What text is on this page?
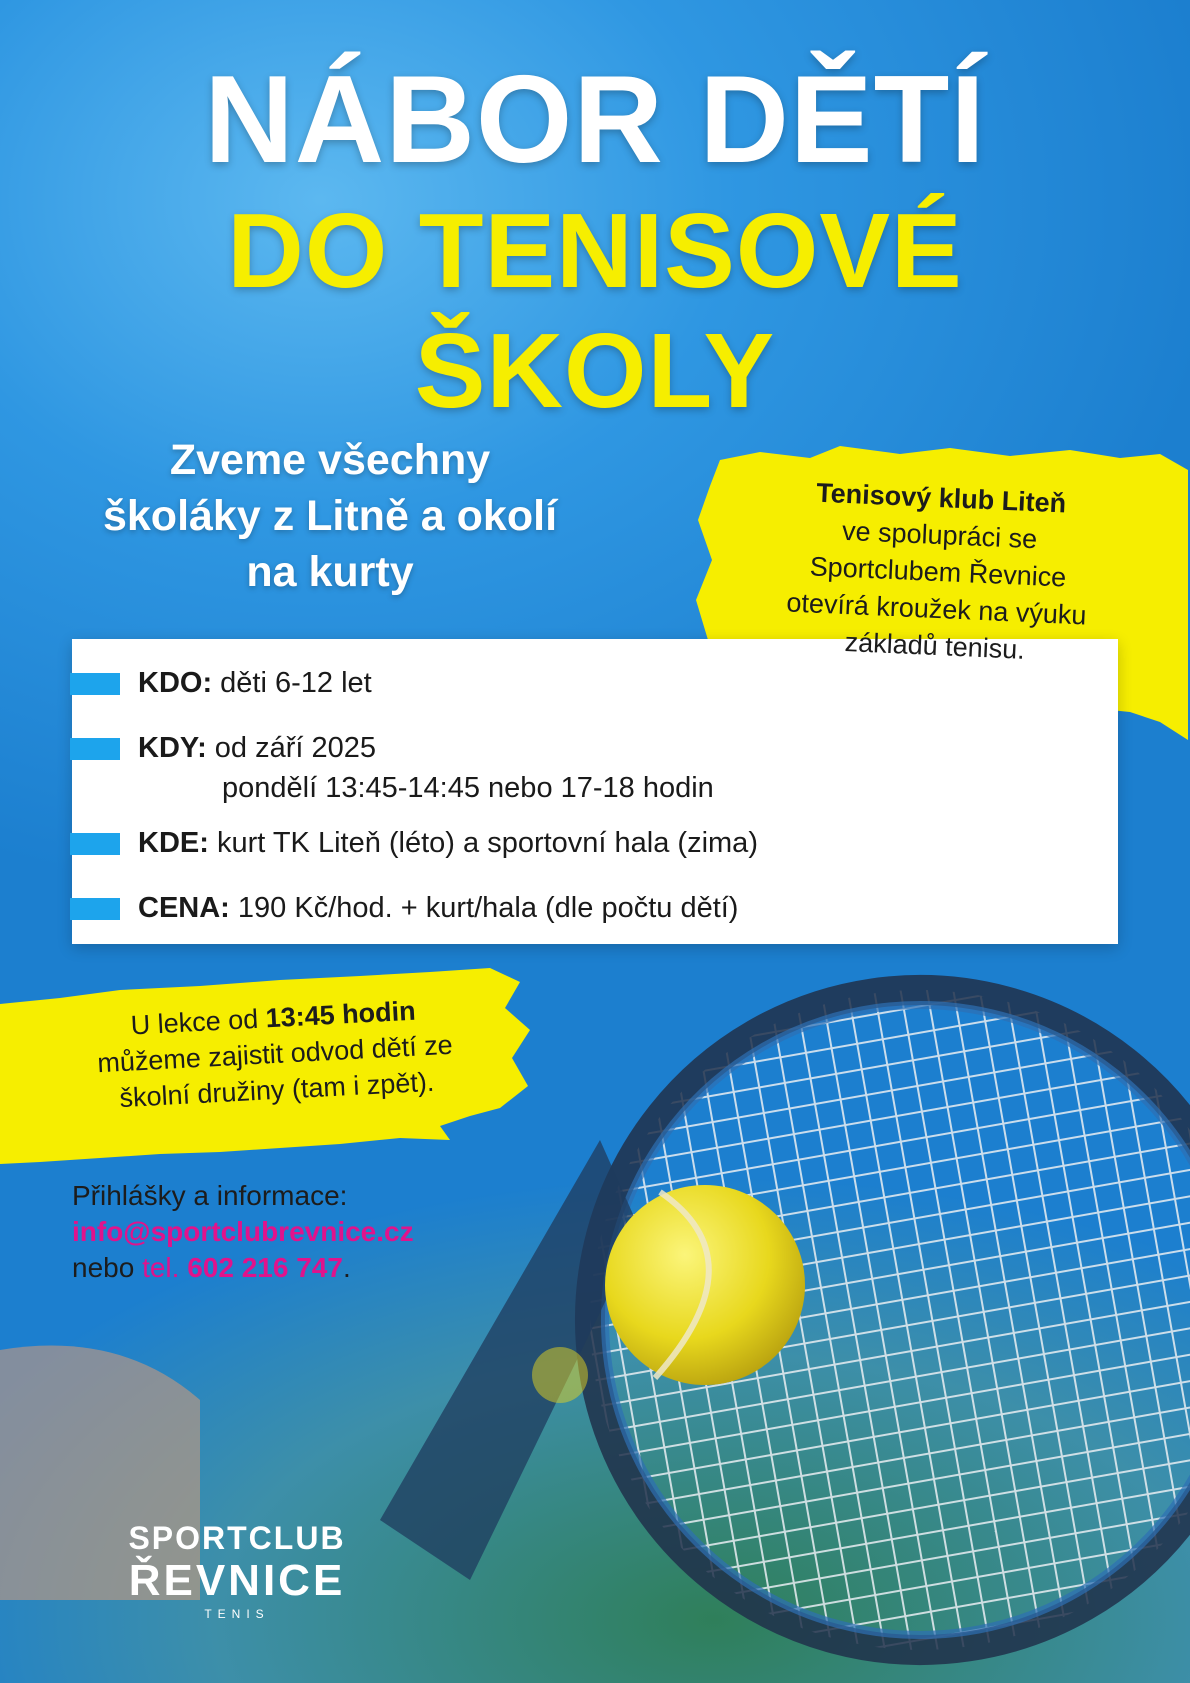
NÁBOR DĚTÍ
DO TENISOVÉ
ŠKOLY
Zveme všechny
školáky z Litně a okolí
na kurty
KDO: děti 6-12 let
KDY: od září 2025
pondělí 13:45-14:45 nebo 17-18 hodin
KDE: kurt TK Liteň (léto) a sportovní hala (zima)
CENA: 190 Kč/hod. + kurt/hala (dle počtu dětí)
Tenisový klub Liteň
ve spolupráci se
Sportclubem Řevnice
otevírá kroužek na výuku
základů tenisu.
U lekce od 13:45 hodin
můžeme zajistit odvod dětí ze
školní družiny (tam i zpět).
Přihlášky a informace:
info@sportclubrevnice.cz
nebo tel. 602 216 747.
SPORTCLUB
ŘEVNICE
TENIS
